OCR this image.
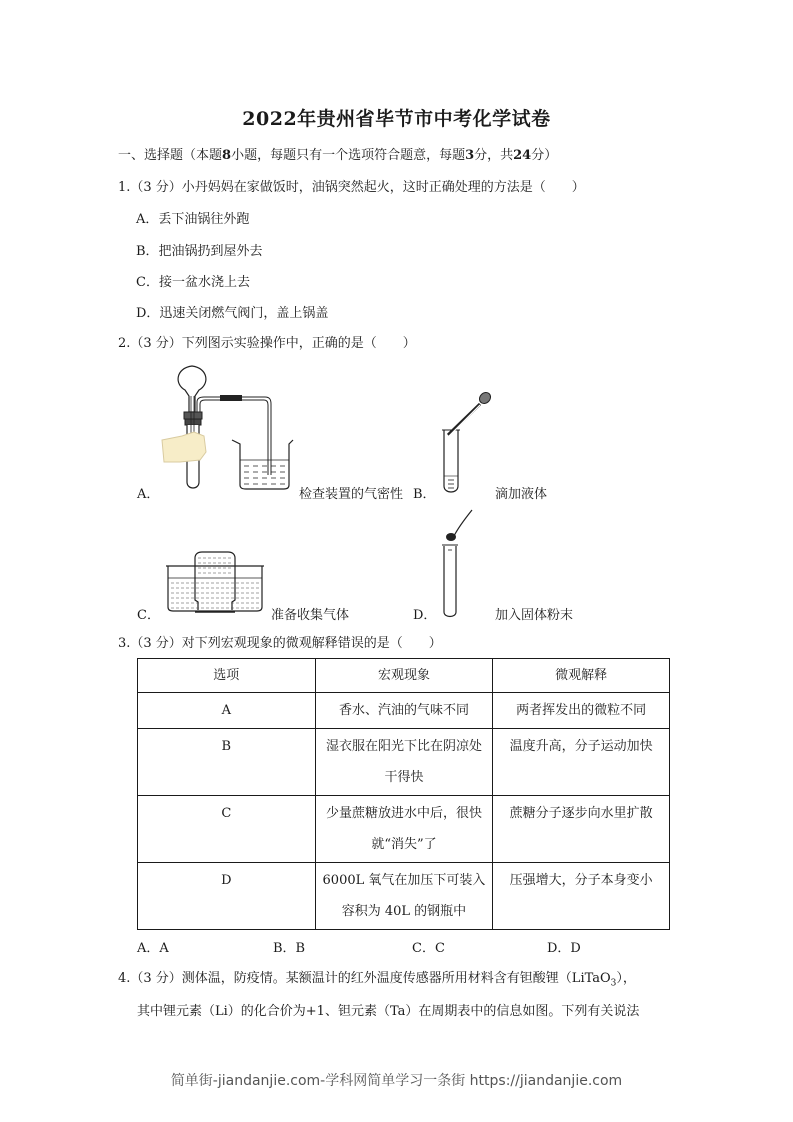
2022年贵州省毕节市中考化学试卷
一、选择题（本题8小题，每题只有一个选项符合题意，每题3分，共24分）
1.（3 分）小丹妈妈在家做饭时，油锅突然起火，这时正确处理的方法是（　　）
A．丢下油锅往外跑
B．把油锅扔到屋外去
C．接一盆水浇上去
D．迅速关闭燃气阀门，盖上锅盖
2.（3 分）下列图示实验操作中，正确的是（　　）
A．	检查装置的气密性 B．	滴加液体
C．	准备收集气体	D．	加入固体粉末
3.（3 分）对下列宏观现象的微观解释错误的是（　　）
选项	宏观现象	微观解释
A	香水、汽油的气味不同	两者挥发出的微粒不同
B	湿衣服在阳光下比在阴凉处
干得快	温度升高，分子运动加快
C	少量蔗糖放进水中后，很快
就“消失”了	蔗糖分子逐步向水里扩散
D	6000L 氧气在加压下可装入
容积为 40L 的钢瓶中	压强增大，分子本身变小
A．A	B．B	C．C	D．D
4.（3 分）测体温，防疫情。某额温计的红外温度传感器所用材料含有钽酸锂（LiTaO$_3$），
其中锂元素（Li）的化合价为+1、钽元素（Ta）在周期表中的信息如图。下列有关说法
简单街-jiandanjie.com-学科网简单学习一条街 https://jiandanjie.com
